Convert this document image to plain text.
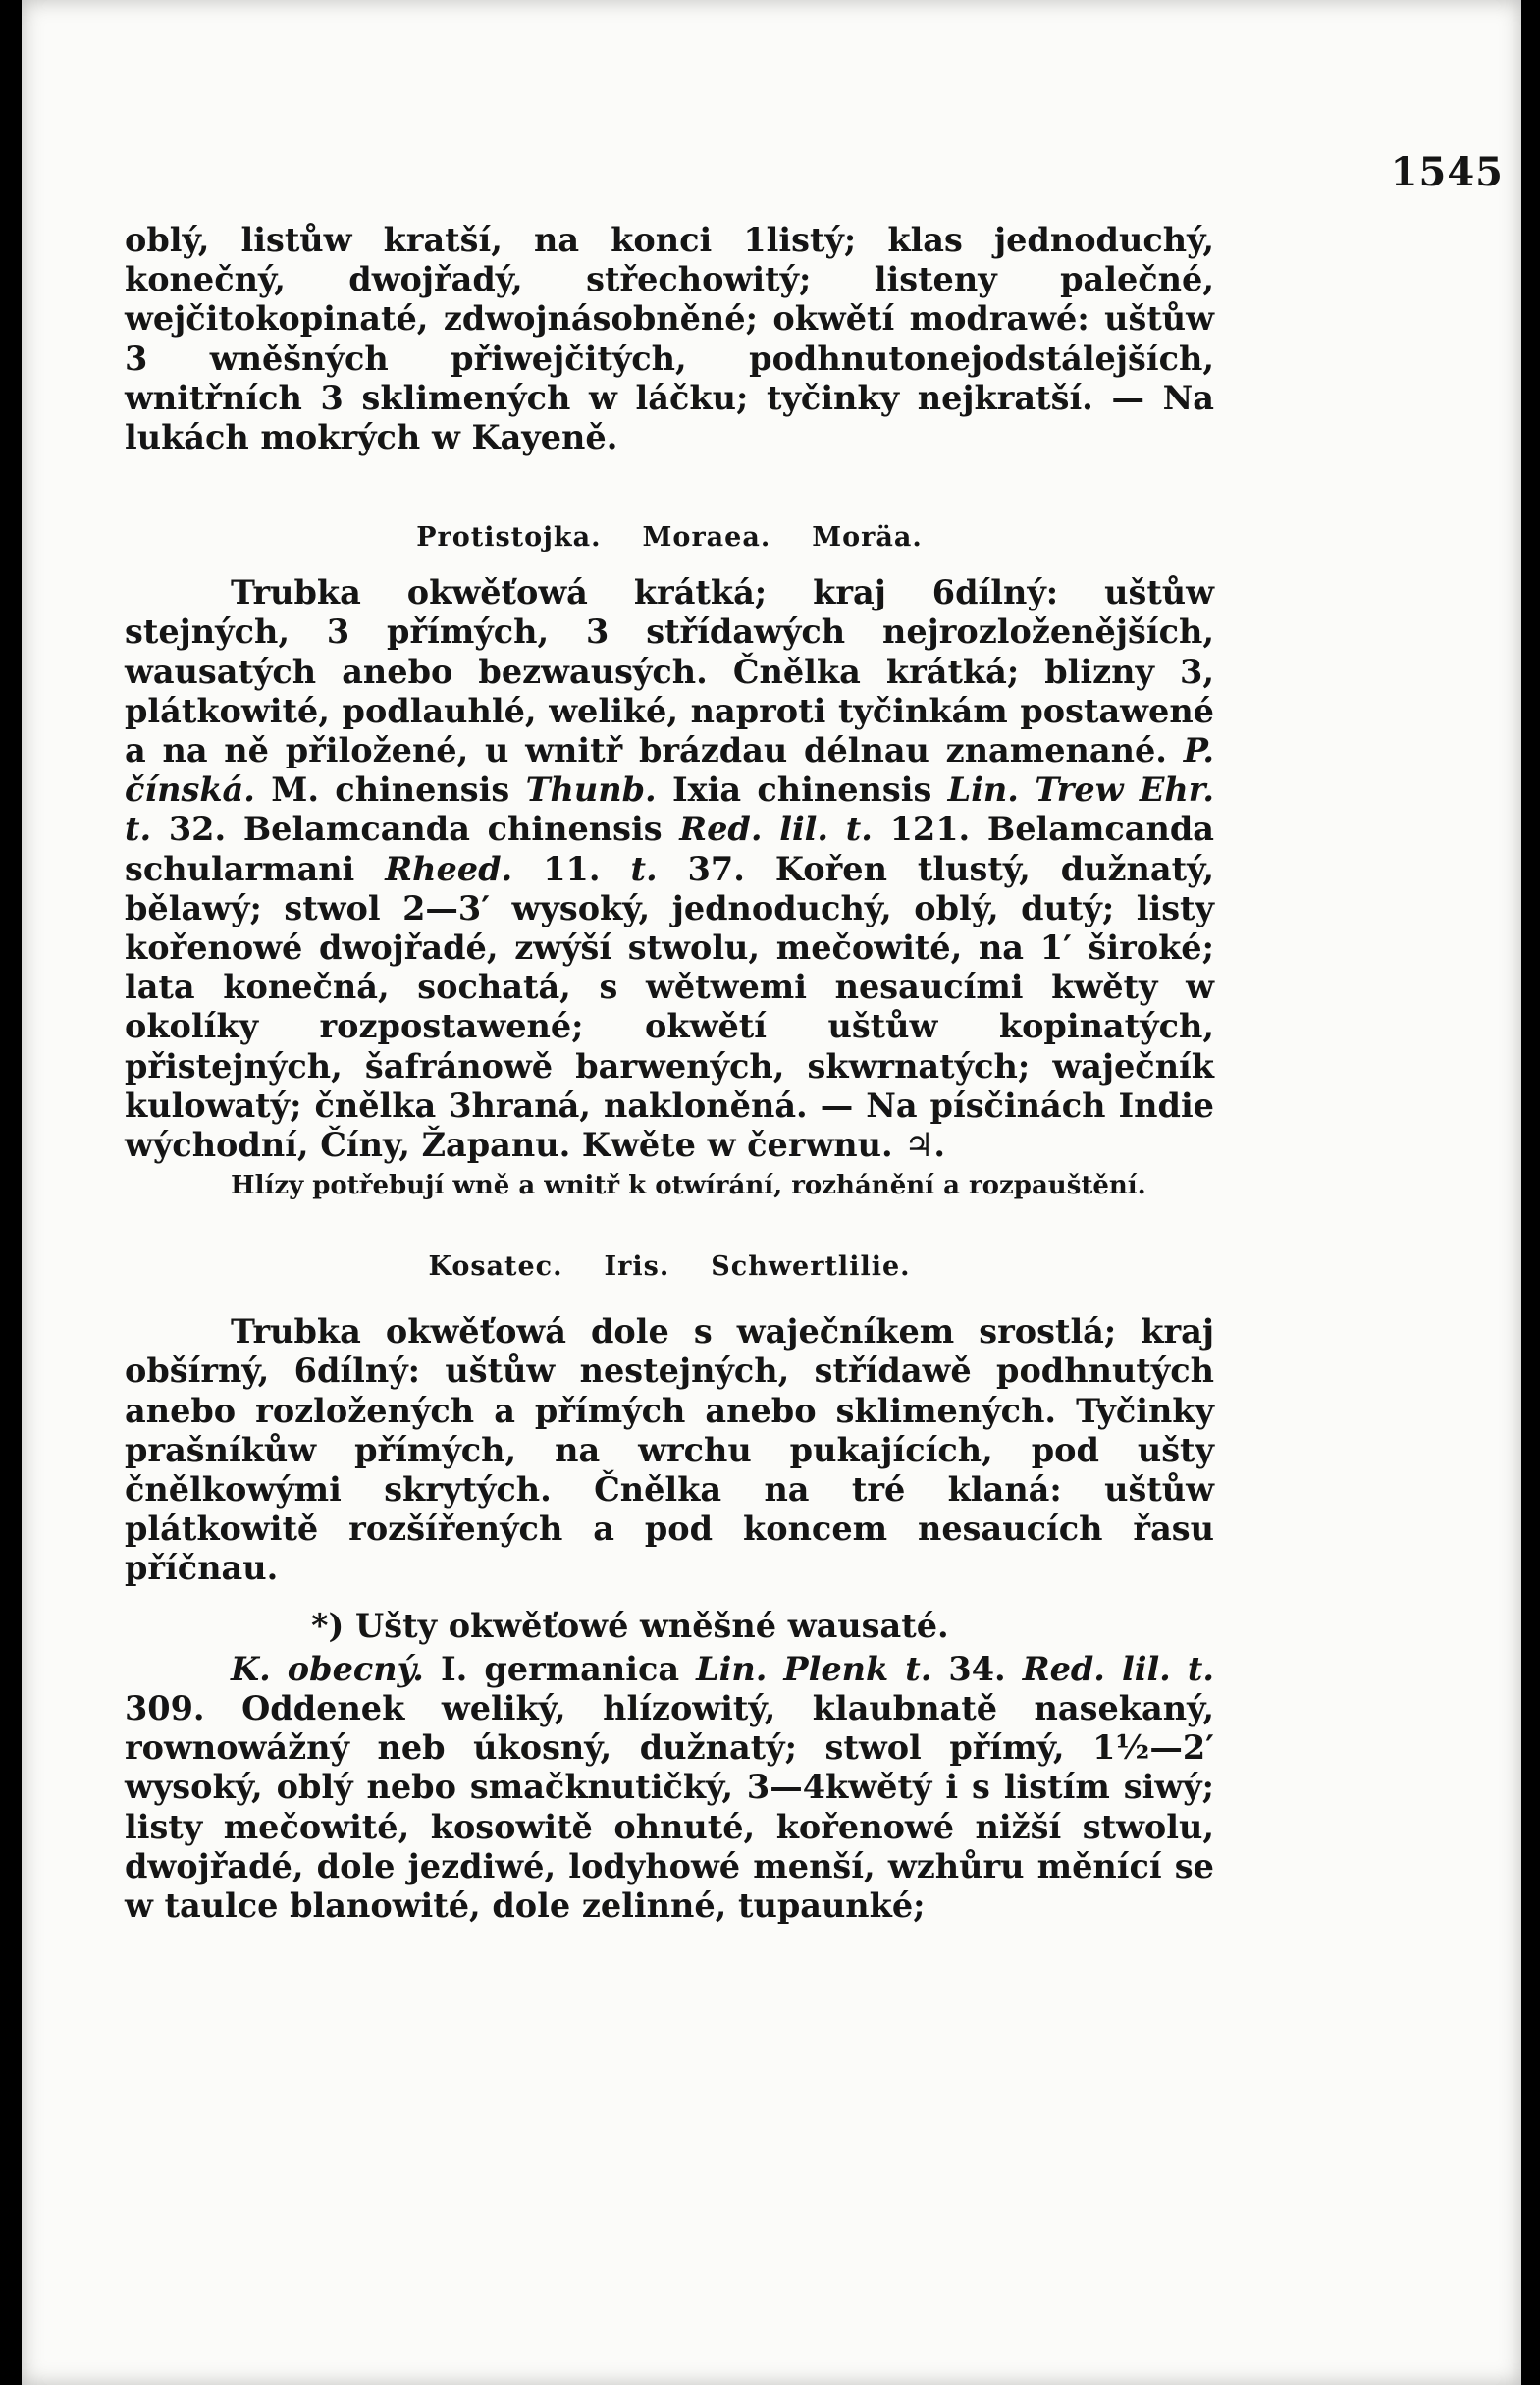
1545

oblý, listůw kratší, na konci 1listý; klas jednoduchý, konečný, dwojřadý, střechowitý; listeny palečné, wejčitokopinaté, zdwojnásobněné; okwětí modrawé: uštůw 3 wněšných přiwejčitých, podhnutonejodstálejších, wnitřních 3 sklimených w láčku; tyčinky nejkratší. — Na lukách mokrých w Kayeně.

Protistojka. Moraea. Moräa.

Trubka okwěťowá krátká; kraj 6dílný: uštůw stejných, 3 přímých, 3 střídawých nejrozloženějších, wausatých anebo bezwausých. Čnělka krátká; blizny 3, plátkowité, podlauhlé, weliké, naproti tyčinkám postawené a na ně přiložené, u wnitř brázdau délnau znamenané. P. čínská. M. chinensis Thunb. Ixia chinensis Lin. Trew Ehr. t. 32. Belamcanda chinensis Red. lil. t. 121. Belamcanda schularmani Rheed. 11. t. 37. Kořen tlustý, dužnatý, bělawý; stwol 2—3′ wysoký, jednoduchý, oblý, dutý; listy kořenowé dwojřadé, zwýší stwolu, mečowité, na 1′ široké; lata konečná, sochatá, s wětwemi nesaucími kwěty w okolíky rozpostawené; okwětí uštůw kopinatých, přistejných, šafránowě barwených, skwrnatých; waječník kulowatý; čnělka 3hraná, nakloněná. — Na písčinách Indie wýchodní, Číny, Žapanu. Kwěte w čerwnu. ♃.

Hlízy potřebují wně a wnitř k otwírání, rozhánění a rozpauštění.

Kosatec. Iris. Schwertlilie.

Trubka okwěťowá dole s waječníkem srostlá; kraj obšírný, 6dílný: uštůw nestejných, střídawě podhnutých anebo rozložených a přímých anebo sklimených. Tyčinky prašníkůw přímých, na wrchu pukajících, pod ušty čnělkowými skrytých. Čnělka na tré klaná: uštůw plátkowitě rozšířených a pod koncem nesaucích řasu příčnau.

*) Ušty okwěťowé wněšné wausaté.

K. obecný. I. germanica Lin. Plenk t. 34. Red. lil. t. 309. Oddenek weliký, hlízowitý, klaubnatě nasekaný, rownowážný neb úkosný, dužnatý; stwol přímý, 1½—2′ wysoký, oblý nebo smačknutičký, 3—4kwětý i s listím siwý; listy mečowité, kosowitě ohnuté, kořenowé nižší stwolu, dwojřadé, dole jezdiwé, lodyhowé menší, wzhůru měnící se w taulce blanowité, dole zelinné, tupaunké;
